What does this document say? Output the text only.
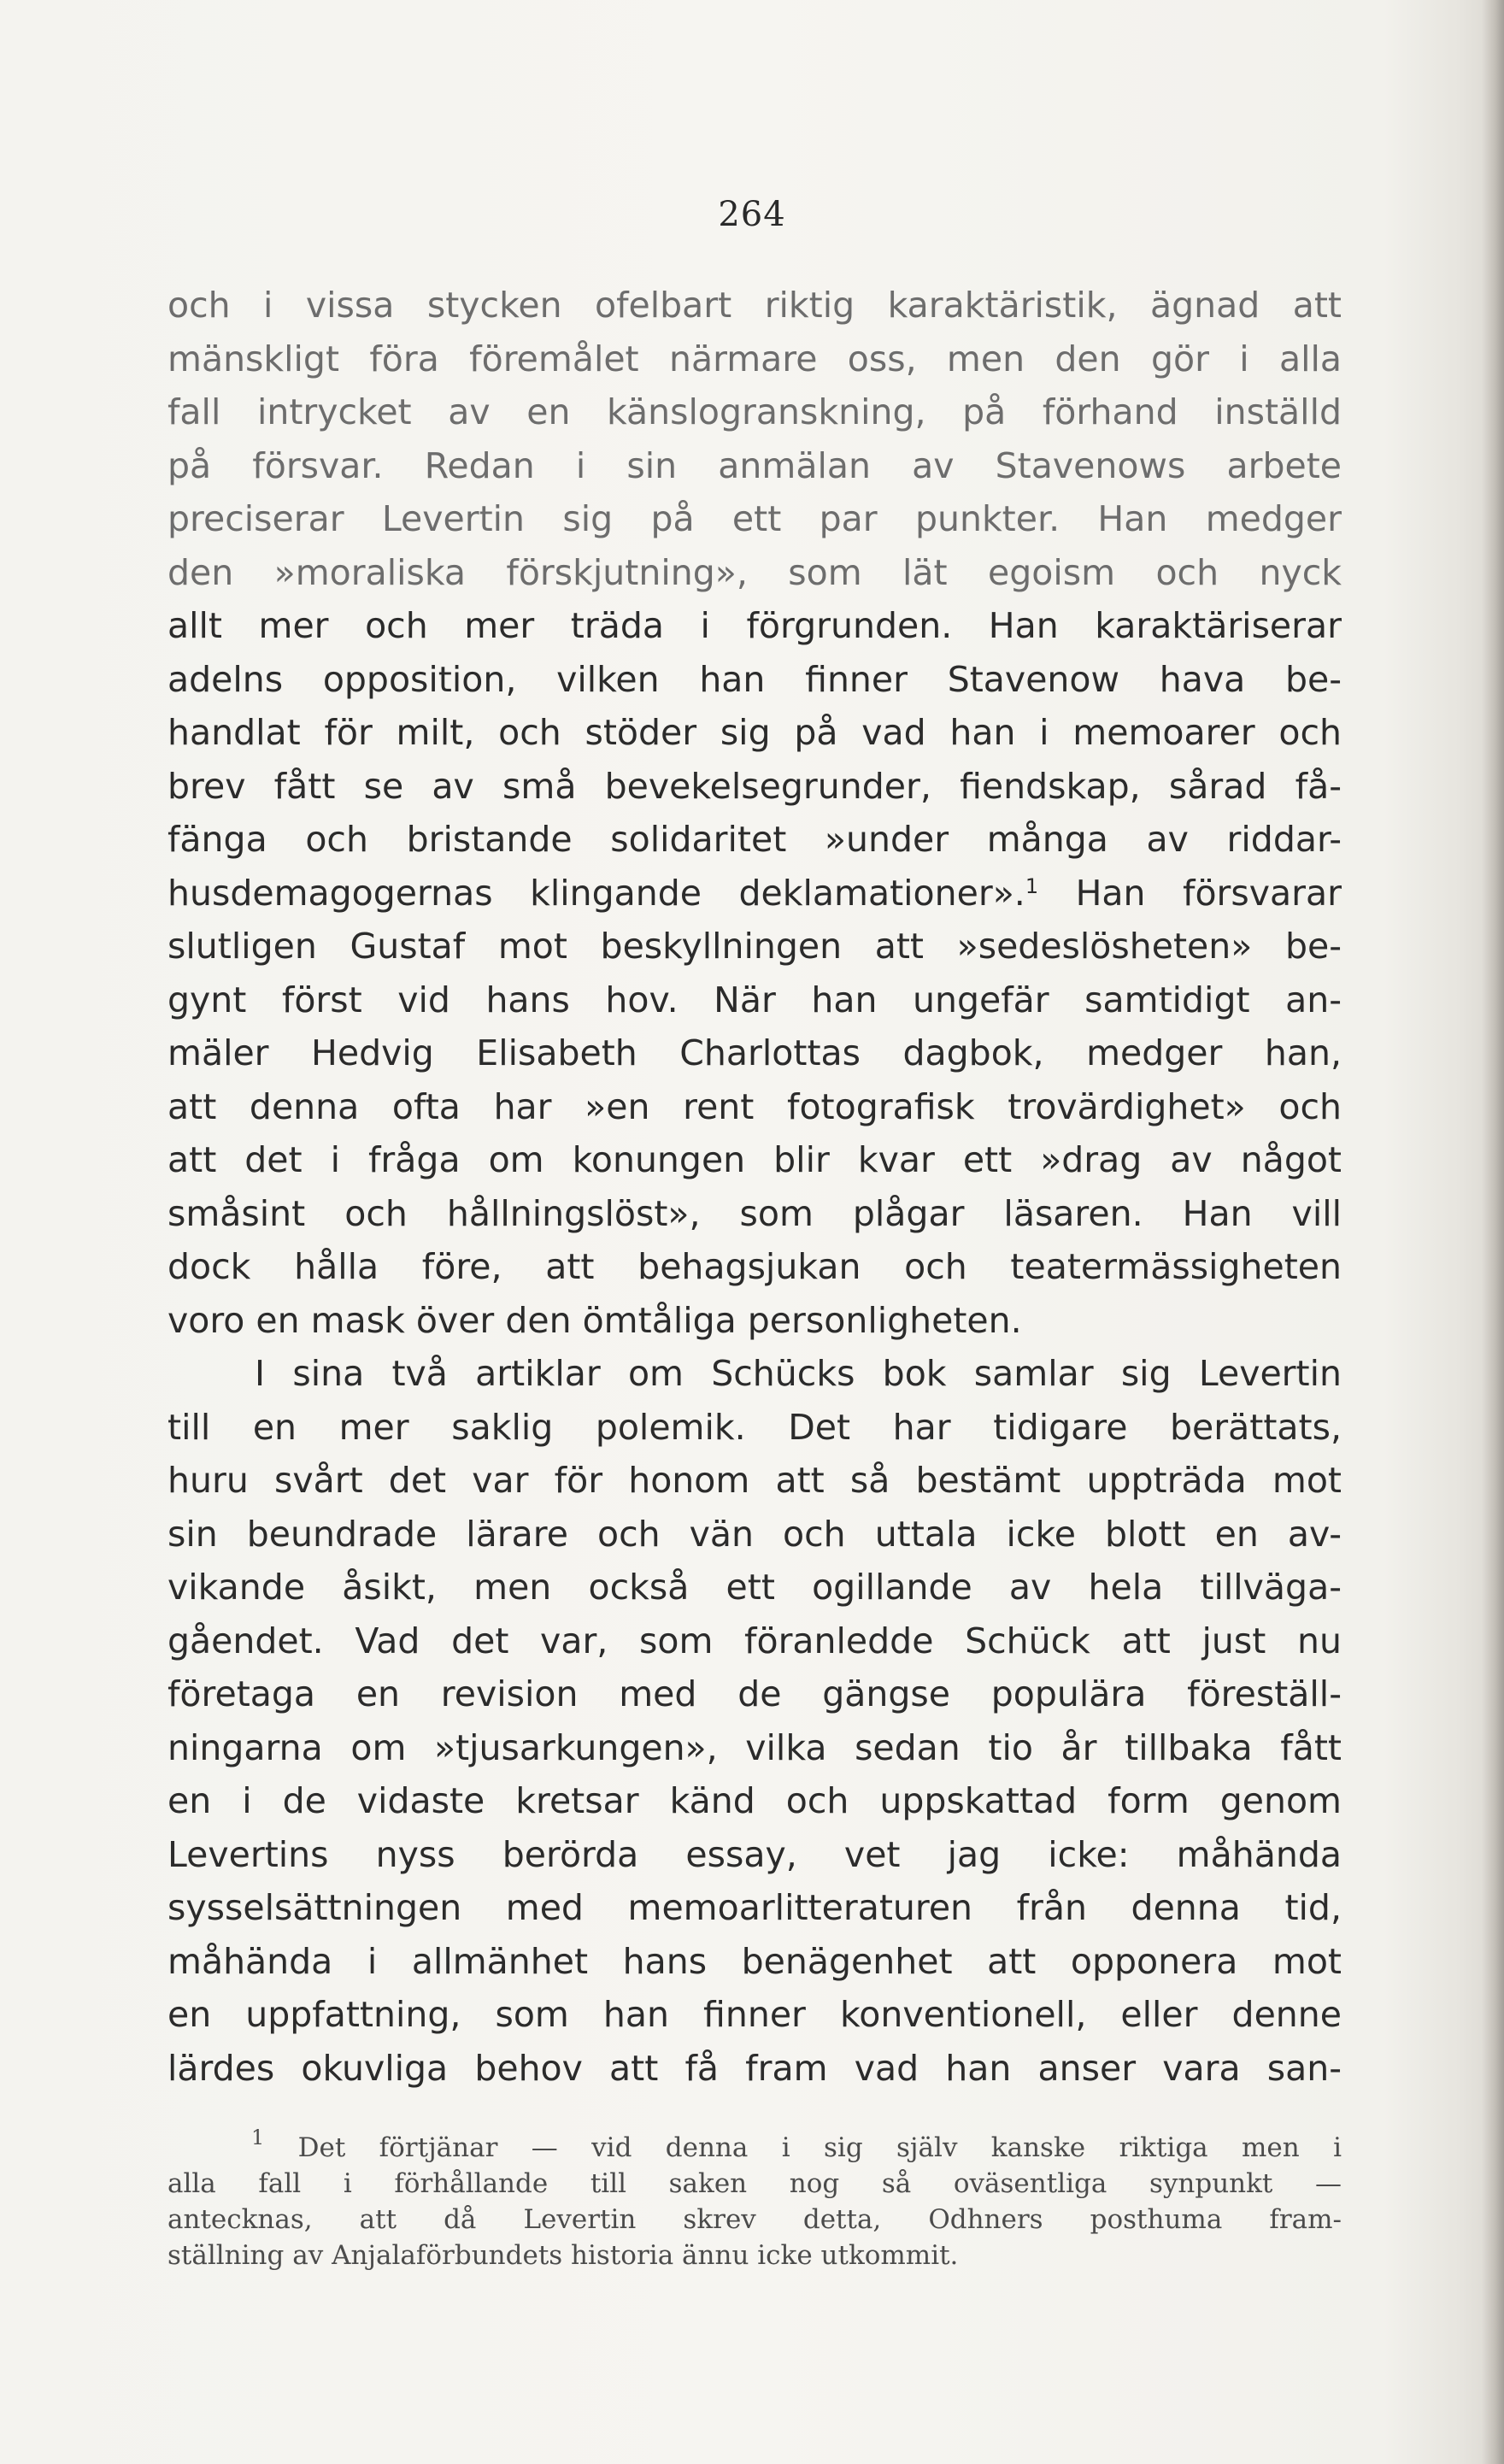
264
och i vissa stycken ofelbart riktig karaktäristik, ägnad att
mänskligt föra föremålet närmare oss, men den gör i alla
fall intrycket av en känslogranskning, på förhand inställd
på försvar. Redan i sin anmälan av Stavenows arbete
preciserar Levertin sig på ett par punkter. Han medger
den »moraliska förskjutning», som lät egoism och nyck
allt mer och mer träda i förgrunden. Han karaktäriserar
adelns opposition, vilken han finner Stavenow hava be-
handlat för milt, och stöder sig på vad han i memoarer och
brev fått se av små bevekelsegrunder, fiendskap, sårad få-
fänga och bristande solidaritet »under många av riddar-
husdemagogernas klingande deklamationer».$^1$ Han försvarar
slutligen Gustaf mot beskyllningen att »sedeslösheten» be-
gynt först vid hans hov. När han ungefär samtidigt an-
mäler Hedvig Elisabeth Charlottas dagbok, medger han,
att denna ofta har »en rent fotografisk trovärdighet» och
att det i fråga om konungen blir kvar ett »drag av något
småsint och hållningslöst», som plågar läsaren. Han vill
dock hålla före, att behagsjukan och teatermässigheten
voro en mask över den ömtåliga personligheten.
I sina två artiklar om Schücks bok samlar sig Levertin
till en mer saklig polemik. Det har tidigare berättats,
huru svårt det var för honom att så bestämt uppträda mot
sin beundrade lärare och vän och uttala icke blott en av-
vikande åsikt, men också ett ogillande av hela tillväga-
gåendet. Vad det var, som föranledde Schück att just nu
företaga en revision med de gängse populära föreställ-
ningarna om »tjusarkungen», vilka sedan tio år tillbaka fått
en i de vidaste kretsar känd och uppskattad form genom
Levertins nyss berörda essay, vet jag icke: måhända
sysselsättningen med memoarlitteraturen från denna tid,
måhända i allmänhet hans benägenhet att opponera mot
en uppfattning, som han finner konventionell, eller denne
lärdes okuvliga behov att få fram vad han anser vara san-
$^1$ Det förtjänar — vid denna i sig själv kanske riktiga men i
alla fall i förhållande till saken nog så oväsentliga synpunkt —
antecknas, att då Levertin skrev detta, Odhners posthuma fram-
ställning av Anjalaförbundets historia ännu icke utkommit.
